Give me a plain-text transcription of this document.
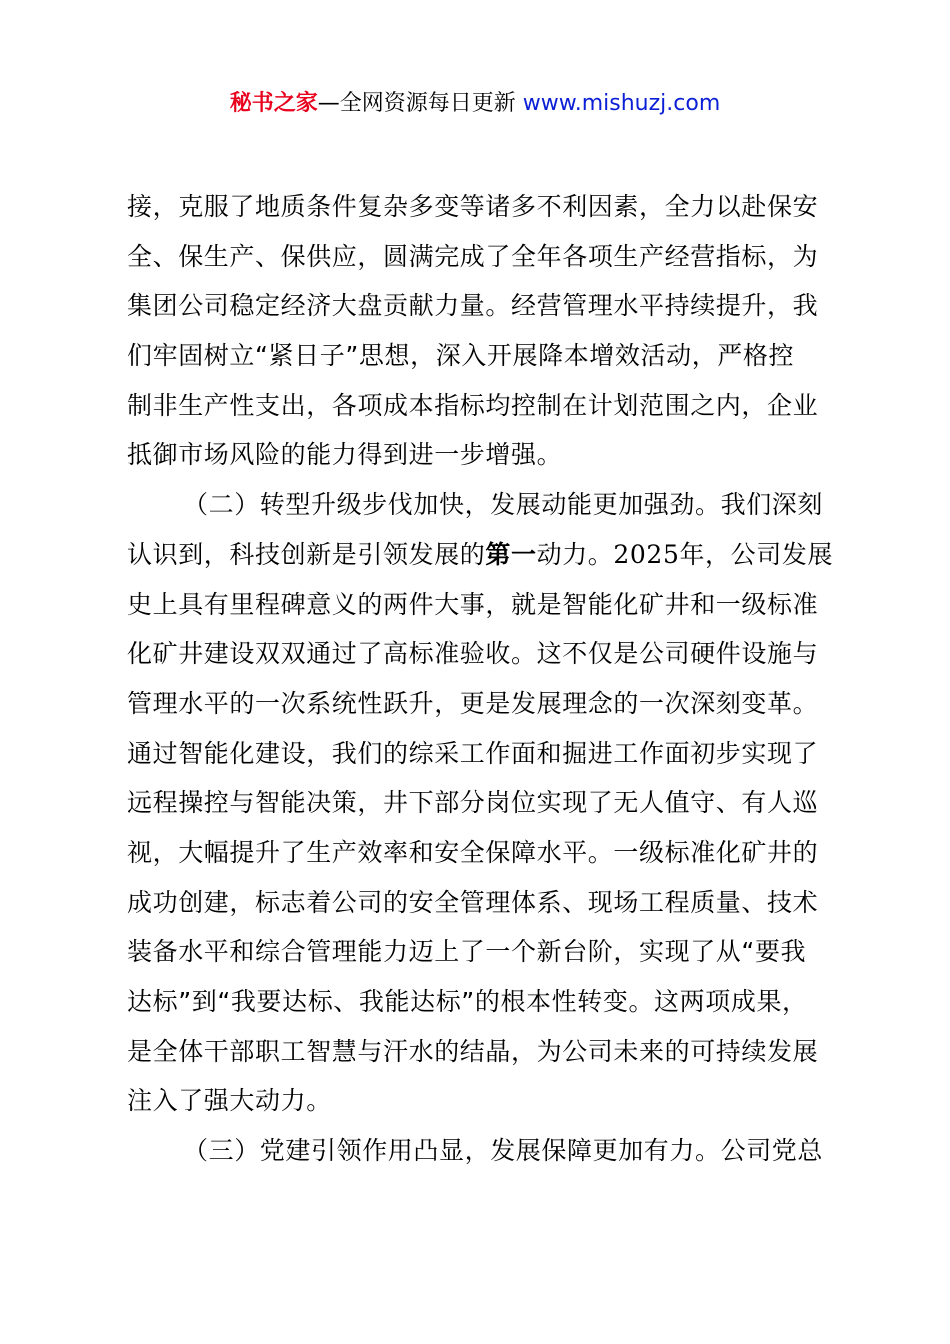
秘书之家—全网资源每日更新 www.mishuzj.com
接，克服了地质条件复杂多变等诸多不利因素，全力以赴保安
全、保生产、保供应，圆满完成了全年各项生产经营指标，为
集团公司稳定经济大盘贡献力量。经营管理水平持续提升，我
们牢固树立“紧日子”思想，深入开展降本增效活动，严格控
制非生产性支出，各项成本指标均控制在计划范围之内，企业
抵御市场风险的能力得到进一步增强。
（二）转型升级步伐加快，发展动能更加强劲。我们深刻
认识到，科技创新是引领发展的第一动力。2025年，公司发展
史上具有里程碑意义的两件大事，就是智能化矿井和一级标准
化矿井建设双双通过了高标准验收。这不仅是公司硬件设施与
管理水平的一次系统性跃升，更是发展理念的一次深刻变革。
通过智能化建设，我们的综采工作面和掘进工作面初步实现了
远程操控与智能决策，井下部分岗位实现了无人值守、有人巡
视，大幅提升了生产效率和安全保障水平。一级标准化矿井的
成功创建，标志着公司的安全管理体系、现场工程质量、技术
装备水平和综合管理能力迈上了一个新台阶，实现了从“要我
达标”到“我要达标、我能达标”的根本性转变。这两项成果，
是全体干部职工智慧与汗水的结晶，为公司未来的可持续发展
注入了强大动力。
（三）党建引领作用凸显，发展保障更加有力。公司党总
